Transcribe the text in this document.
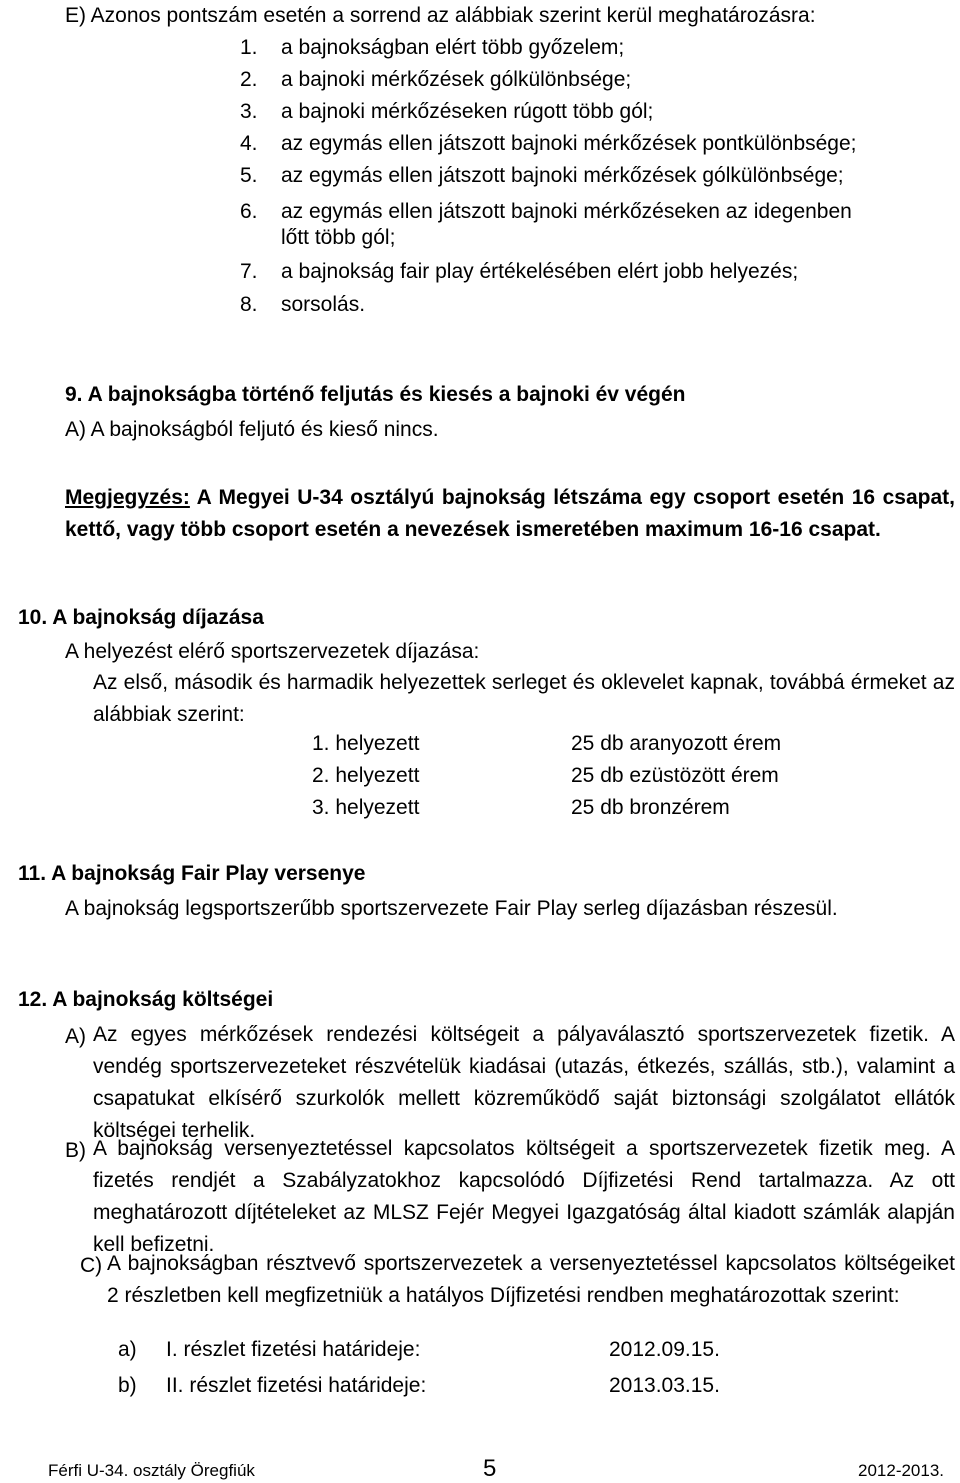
E) Azonos pontszám esetén a sorrend az alábbiak szerint kerül meghatározásra:
1. a bajnokságban elért több győzelem;
2. a bajnoki mérkőzések gólkülönbsége;
3. a bajnoki mérkőzéseken rúgott több gól;
4. az egymás ellen játszott bajnoki mérkőzések pontkülönbsége;
5. az egymás ellen játszott bajnoki mérkőzések gólkülönbsége;
6. az egymás ellen játszott bajnoki mérkőzéseken az idegenben
lőtt több gól;
7. a bajnokság fair play értékelésében elért jobb helyezés;
8. sorsolás.
9. A bajnokságba történő feljutás és kiesés a bajnoki év végén
A) A bajnokságból feljutó és kieső nincs.
Megjegyzés: A Megyei U-34 osztályú bajnokság létszáma egy csoport esetén 16 csapat, kettő, vagy több csoport esetén a nevezések ismeretében maximum 16-16 csapat.
10. A bajnokság díjazása
A helyezést elérő sportszervezetek díjazása:
Az első, második és harmadik helyezettek serleget és oklevelet kapnak, továbbá érmeket az alábbiak szerint:
1. helyezett	25 db aranyozott érem
2. helyezett	25 db ezüstözött érem
3. helyezett	25 db bronzérem
11. A bajnokság Fair Play versenye
A bajnokság legsportszerűbb sportszervezete Fair Play serleg díjazásban részesül.
12. A bajnokság költségei
A) Az egyes mérkőzések rendezési költségeit a pályaválasztó sportszervezetek fizetik. A vendég sportszervezeteket részvételük kiadásai (utazás, étkezés, szállás, stb.), valamint a csapatukat elkísérő szurkolók mellett közreműködő saját biztonsági szolgálatot ellátók költségei terhelik.
B) A bajnokság versenyeztetéssel kapcsolatos költségeit a sportszervezetek fizetik meg. A fizetés rendjét a Szabályzatokhoz kapcsolódó Díjfizetési Rend tartalmazza. Az ott meghatározott díjtételeket az MLSZ Fejér Megyei Igazgatóság által kiadott számlák alapján kell befizetni.
C) A bajnokságban résztvevő sportszervezetek a versenyeztetéssel kapcsolatos költségeiket 2 részletben kell megfizetniük a hatályos Díjfizetési rendben meghatározottak szerint:
a) I. részlet fizetési határideje:	2012.09.15.
b) II. részlet fizetési határideje:	2013.03.15.
Férfi U-34. osztály Öregfiúk	5	2012-2013.
